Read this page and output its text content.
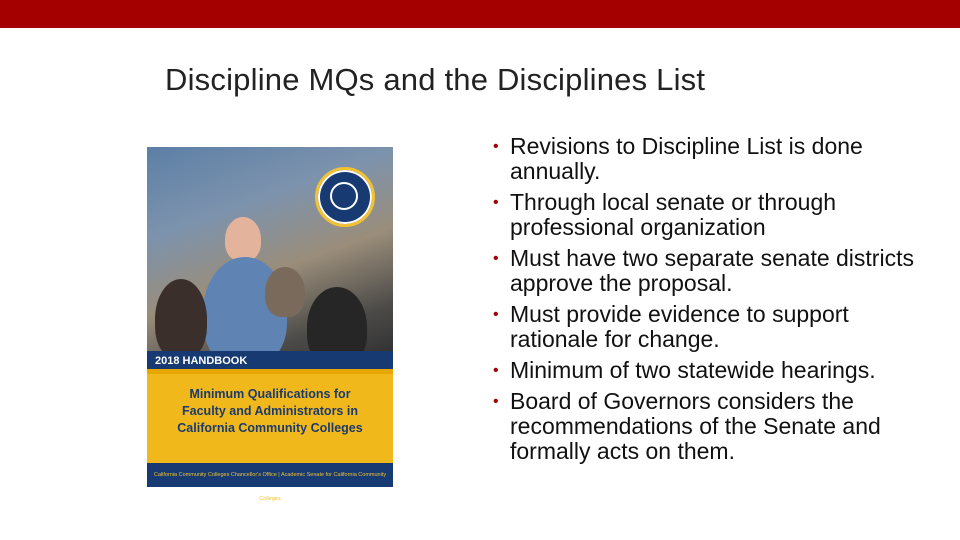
Discipline MQs and the Disciplines List
2018 HANDBOOK

Minimum Qualifications for
Faculty and Administrators in
California Community Colleges

California Community Colleges Chancellor's Office | Academic Senate for California Community Colleges
• Revisions to Discipline List is done annually.
• Through local senate or through professional organization
• Must have two separate senate districts approve the proposal.
• Must provide evidence to support rationale for change.
• Minimum of two statewide hearings.
• Board of Governors considers the recommendations of the Senate and formally acts on them.
